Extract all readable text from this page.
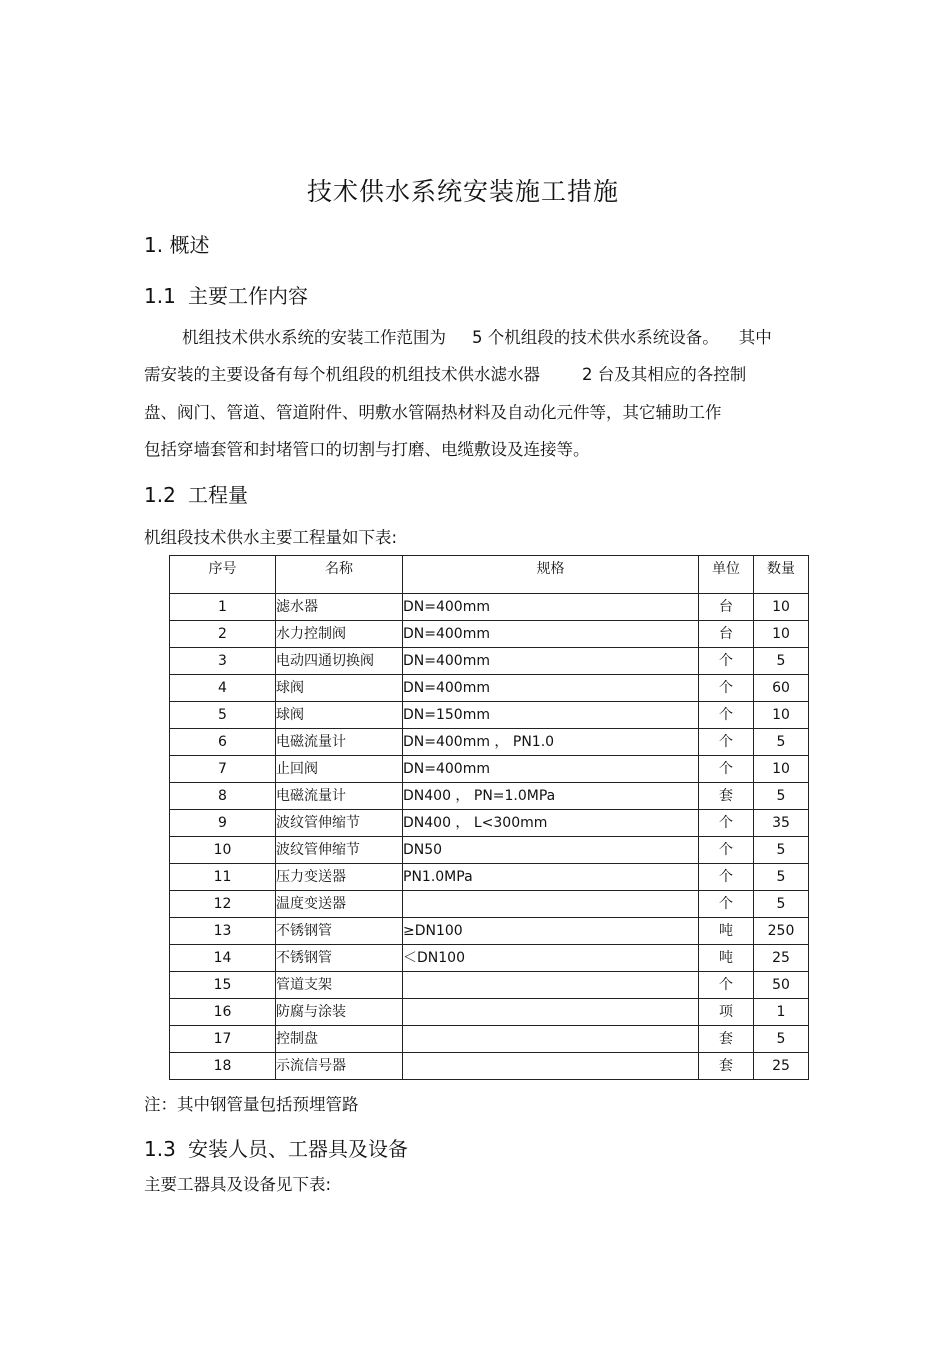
技术供水系统安装施工措施
1. 概述
1.1 主要工作内容
机组技术供水系统的安装工作范围为 5 个机组段的技术供水系统设备。 其中
需安装的主要设备有每个机组段的机组技术供水滤水器	2 台及其相应的各控制
盘、阀门、管道、管道附件、明敷水管隔热材料及自动化元件等，其它辅助工作
包括穿墙套管和封堵管口的切割与打磨、电缆敷设及连接等。
1.2 工程量
机组段技术供水主要工程量如下表:
序号	名称	规格	单位	数量
1	滤水器	DN=400mm	台	10
2	水力控制阀	DN=400mm	台	10
3	电动四通切换阀	DN=400mm	个	5
4	球阀	DN=400mm	个	60
5	球阀	DN=150mm	个	10
6	电磁流量计	DN=400mm ， PN1.0	个	5
7	止回阀	DN=400mm	个	10
8	电磁流量计	DN400 ， PN=1.0MPa	套	5
9	波纹管伸缩节	DN400 ， L<300mm	个	35
10	波纹管伸缩节	DN50	个	5
11	压力变送器	PN1.0MPa	个	5
12	温度变送器		个	5
13	不锈钢管	≥DN100	吨	250
14	不锈钢管	＜DN100	吨	25
15	管道支架		个	50
16	防腐与涂装		项	1
17	控制盘		套	5
18	示流信号器		套	25
注：其中钢管量包括预埋管路
1.3 安装人员、工器具及设备
主要工器具及设备见下表:
